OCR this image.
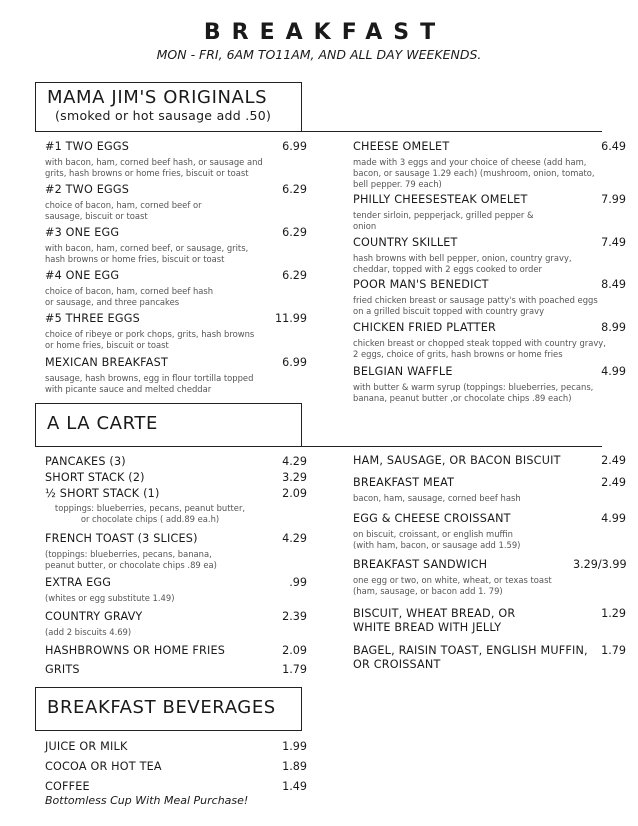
BREAKFAST
MON - FRI, 6AM TO11AM, AND ALL DAY WEEKENDS.
MAMA JIM'S ORIGINALS
(smoked or hot sausage add .50)
#1 TWO EGGS	6.99
with bacon, ham, corned beef hash, or sausage and
grits, hash browns or home fries, biscuit or toast
#2 TWO EGGS	6.29
choice of bacon, ham, corned beef or
sausage, biscuit or toast
#3 ONE EGG	6.29
with bacon, ham, corned beef, or sausage, grits,
hash browns or home fries, biscuit or toast
#4 ONE EGG	6.29
choice of bacon, ham, corned beef hash
or sausage, and three pancakes
#5 THREE EGGS	11.99
choice of ribeye or pork chops, grits, hash browns
or home fries, biscuit or toast
MEXICAN BREAKFAST	6.99
sausage, hash browns, egg in flour tortilla topped
with picante sauce and melted cheddar
CHEESE OMELET	6.49
made with 3 eggs and your choice of cheese (add ham,
bacon, or sausage 1.29 each) (mushroom, onion, tomato,
bell pepper. 79 each)
PHILLY CHEESESTEAK OMELET	7.99
tender sirloin, pepperjack, grilled pepper &
onion
COUNTRY SKILLET	7.49
hash browns with bell pepper, onion, country gravy,
cheddar, topped with 2 eggs cooked to order
POOR MAN'S BENEDICT	8.49
fried chicken breast or sausage patty's with poached eggs
on a grilled biscuit topped with country gravy
CHICKEN FRIED PLATTER	8.99
chicken breast or chopped steak topped with country gravy,
2 eggs, choice of grits, hash browns or home fries
BELGIAN WAFFLE	4.99
with butter & warm syrup (toppings: blueberries, pecans,
banana, peanut butter ,or chocolate chips .89 each)
A LA CARTE
PANCAKES (3)	4.29
SHORT STACK (2)	3.29
½ SHORT STACK (1)	2.09
toppings: blueberries, pecans, peanut butter,
or chocolate chips ( add.89 ea.h)
FRENCH TOAST (3 SLICES)	4.29
(toppings: blueberries, pecans, banana,
peanut butter, or chocolate chips .89 ea)
EXTRA EGG	.99
(whites or egg substitute 1.49)
COUNTRY GRAVY	2.39
(add 2 biscuits 4.69)
HASHBROWNS OR HOME FRIES	2.09
GRITS	1.79
HAM, SAUSAGE, OR BACON BISCUIT	2.49
BREAKFAST MEAT	2.49
bacon, ham, sausage, corned beef hash
EGG & CHEESE CROISSANT	4.99
on biscuit, croissant, or english muffin
(with ham, bacon, or sausage add 1.59)
BREAKFAST SANDWICH	3.29/3.99
one egg or two, on white, wheat, or texas toast
(ham, sausage, or bacon add 1. 79)
BISCUIT, WHEAT BREAD, OR
WHITE BREAD WITH JELLY
1.29
BAGEL, RAISIN TOAST, ENGLISH MUFFIN,
OR CROISSANT
1.79
BREAKFAST BEVERAGES
JUICE OR MILK	1.99
COCOA OR HOT TEA	1.89
COFFEE	1.49
Bottomless Cup With Meal Purchase!
